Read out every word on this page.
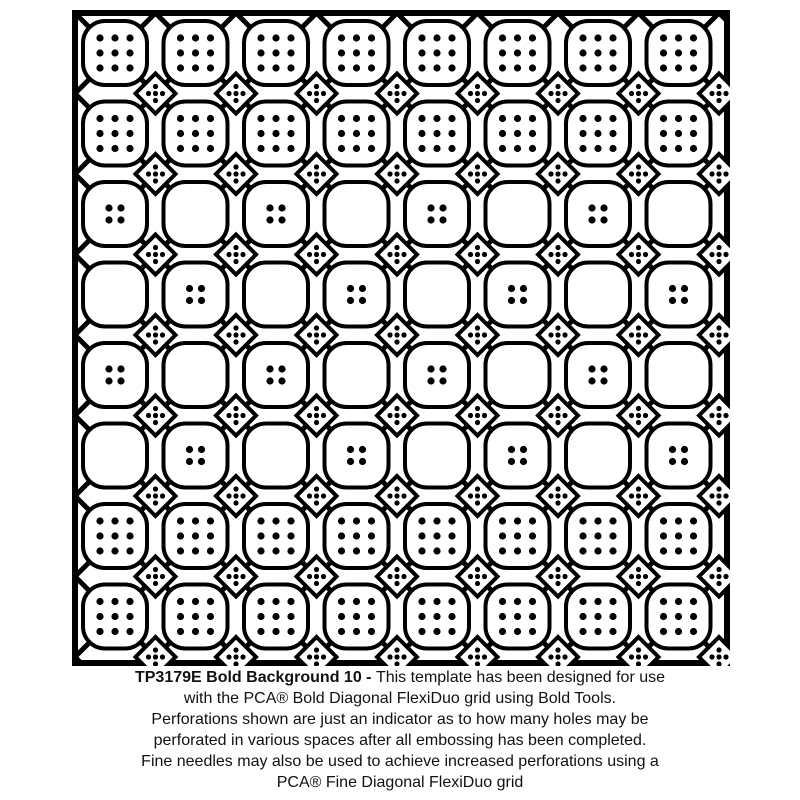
TP3179E Bold Background 10 - This template has been designed for use
with the PCA® Bold Diagonal FlexiDuo grid using Bold Tools.
Perforations shown are just an indicator as to how many holes may be
perforated in various spaces after all embossing has been completed.
Fine needles may also be used to achieve increased perforations using a
PCA® Fine Diagonal FlexiDuo grid
